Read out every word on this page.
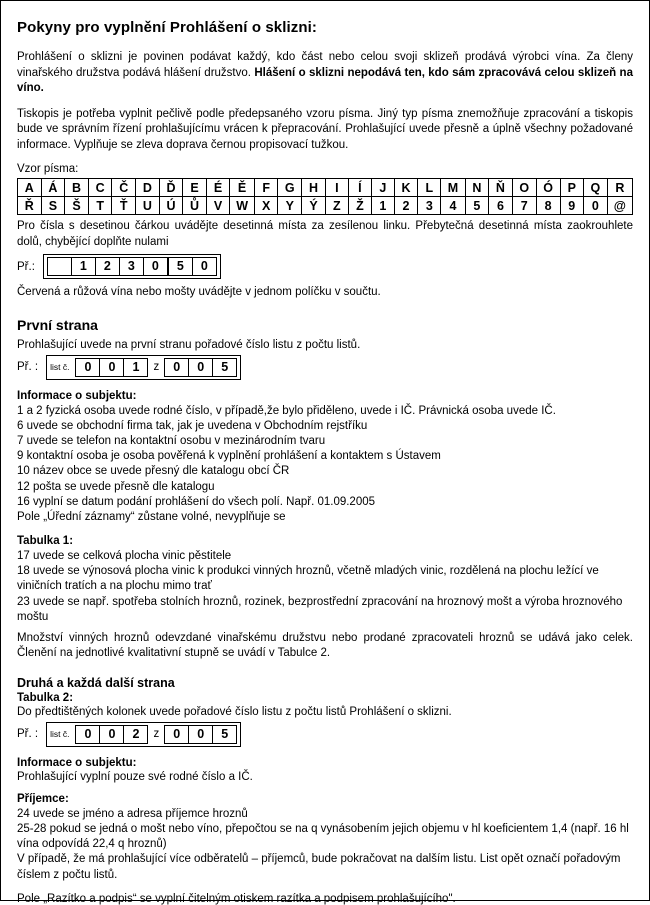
Pokyny pro vyplnění Prohlášení o sklizni:

Prohlášení o sklizni je povinen podávat každý, kdo část nebo celou svoji sklizeň prodává výrobci vína. Za členy vinařského družstva podává hlášení družstvo. Hlášení o sklizni nepodává ten, kdo sám zpracovává celou sklizeň na víno.

Tiskopis je potřeba vyplnit pečlivě podle předepsaného vzoru písma. Jiný typ písma znemožňuje zpracování a tiskopis bude ve správním řízení prohlašujícímu vrácen k přepracování. Prohlašující uvede přesně a úplně všechny požadované informace. Vyplňuje se zleva doprava černou propisovací tužkou.

Vzor písma:
A	Á	B	C	Č	D	Ď	E	É	Ě	F	G	H	I	Í	J	K	L	M	N	Ň	O	Ó	P	Q	R
Ř	S	Š	T	Ť	U	Ú	Ů	V	W	X	Y	Ý	Z	Ž	1	2	3	4	5	6	7	8	9	0	@
Pro čísla s desetinou čárkou uvádějte desetinná místa za zesílenou linku. Přebytečná desetinná místa zaokrouhlete dolů, chybějící doplňte nulami
Př.:	1	2	3	0	5	0
Červená a růžová vína nebo mošty uvádějte v jednom políčku v součtu.
První strana
Prohlašující uvede na první stranu pořadové číslo listu z počtu listů.
Př. : list č.	0	0	1	z	0	0	5
Informace o subjektu:
1 a 2 fyzická osoba uvede rodné číslo, v případě,že bylo přiděleno, uvede i IČ. Právnická osoba uvede IČ.
6 uvede se obchodní firma tak, jak je uvedena v Obchodním rejstříku
7 uvede se telefon na kontaktní osobu v mezinárodním tvaru
9 kontaktní osoba je osoba pověřená k vyplnění prohlášení a kontaktem s Ústavem
10 název obce se uvede přesný dle katalogu obcí ČR
12 pošta se uvede přesně dle katalogu
16 vyplní se datum podání prohlášení do všech polí. Např. 01.09.2005
Pole „Úřední záznamy“ zůstane volné, nevyplňuje se
Tabulka 1:
17 uvede se celková plocha vinic pěstitele
18 uvede se výnosová plocha vinic k produkci vinných hroznů, včetně mladých vinic, rozdělená na plochu ležící ve viničních tratích a na plochu mimo trať
23 uvede se např. spotřeba stolních hroznů, rozinek, bezprostřední zpracování na hroznový mošt a výroba hroznového moštu

Množství vinných hroznů odevzdané vinařskému družstvu nebo prodané zpracovateli hroznů se udává jako celek. Členění na jednotlivé kvalitativní stupně se uvádí v Tabulce 2.

Druhá a každá další strana
Tabulka 2:
Do předtištěných kolonek uvede pořadové číslo listu z počtu listů Prohlášení o sklizni.
Př. : list č.	0	0	2	z	0	0	5
Informace o subjektu:
Prohlašující vyplní pouze své rodné číslo a IČ.
Příjemce:
24 uvede se jméno a adresa příjemce hroznů
25-28 pokud se jedná o mošt nebo víno, přepočtou se na q vynásobením jejich objemu v hl koeficientem 1,4 (např. 16 hl vína odpovídá 22,4 q hroznů)
V případě, že má prohlašující více odběratelů – příjemců, bude pokračovat na dalším listu. List opět označí pořadovým číslem z počtu listů.
Pole „Razítko a podpis“ se vyplní čitelným otiskem razítka a podpisem prohlašujícího".
